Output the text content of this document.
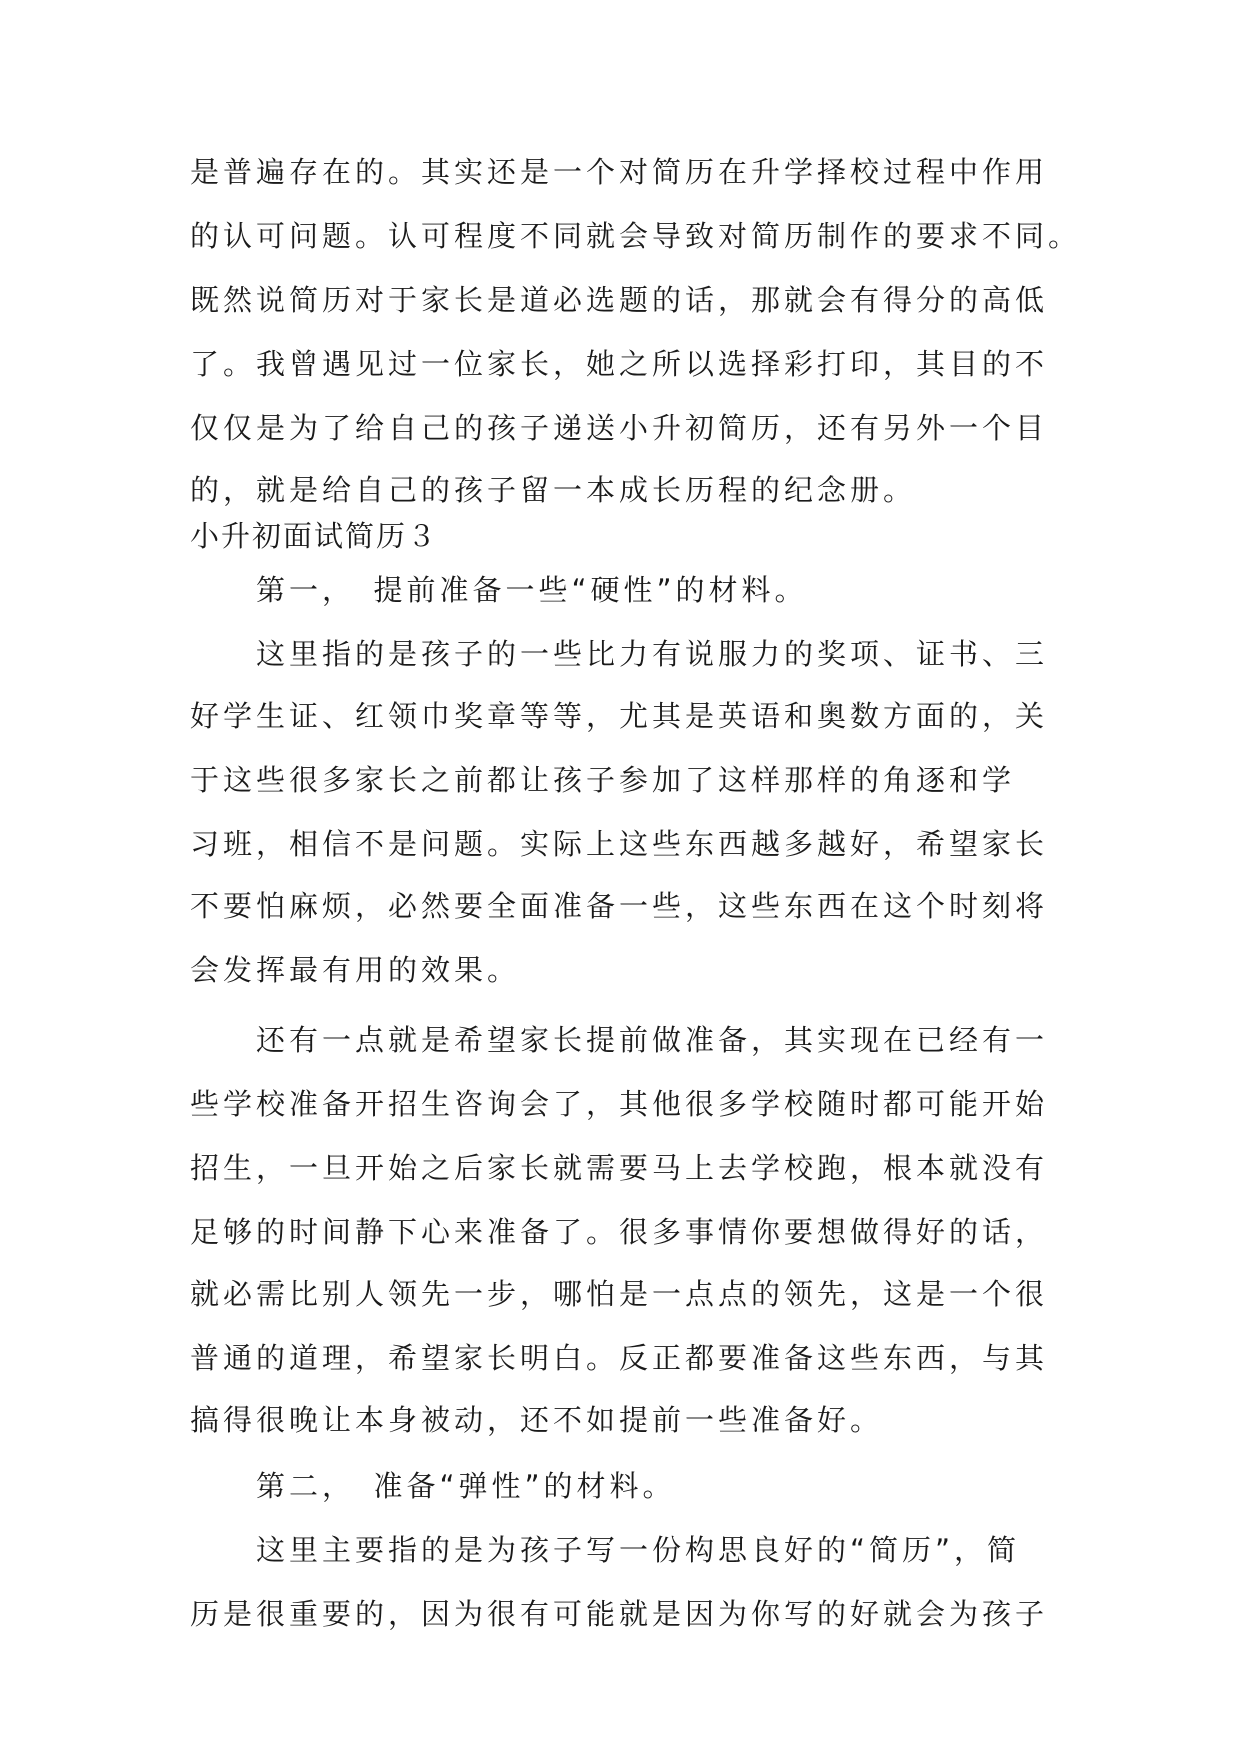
是普遍存在的。其实还是一个对简历在升学择校过程中作用
的认可问题。认可程度不同就会导致对简历制作的要求不同。
既然说简历对于家长是道必选题的话，那就会有得分的高低
了。我曾遇见过一位家长，她之所以选择彩打印，其目的不
仅仅是为了给自己的孩子递送小升初简历，还有另外一个目
的，就是给自己的孩子留一本成长历程的纪念册。
小升初面试简历３
第一，　提前准备一些“硬性”的材料。
这里指的是孩子的一些比力有说服力的奖项、证书、三
好学生证、红领巾奖章等等，尤其是英语和奥数方面的，关
于这些很多家长之前都让孩子参加了这样那样的角逐和学
习班，相信不是问题。实际上这些东西越多越好，希望家长
不要怕麻烦，必然要全面准备一些，这些东西在这个时刻将
会发挥最有用的效果。
还有一点就是希望家长提前做准备，其实现在已经有一
些学校准备开招生咨询会了，其他很多学校随时都可能开始
招生，一旦开始之后家长就需要马上去学校跑，根本就没有
足够的时间静下心来准备了。很多事情你要想做得好的话，
就必需比别人领先一步，哪怕是一点点的领先，这是一个很
普通的道理，希望家长明白。反正都要准备这些东西，与其
搞得很晚让本身被动，还不如提前一些准备好。
第二，　准备“弹性”的材料。
这里主要指的是为孩子写一份构思良好的“简历”，简
历是很重要的，因为很有可能就是因为你写的好就会为孩子
